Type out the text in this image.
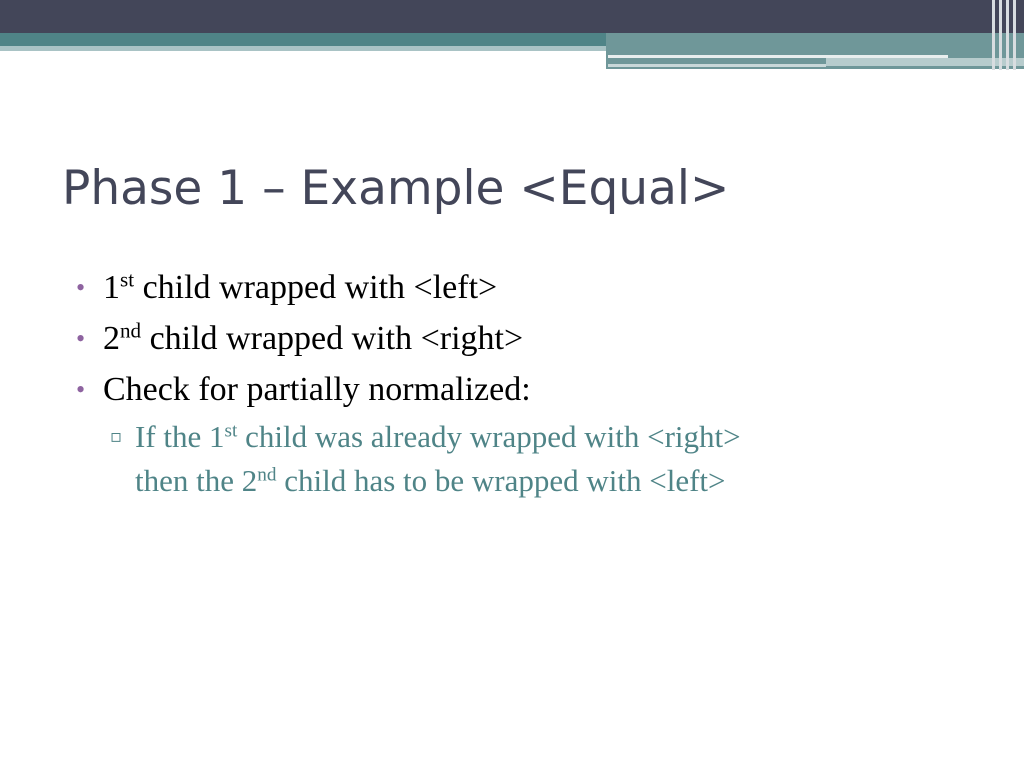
Phase 1 – Example <Equal>
• 1st child wrapped with <left>
• 2nd child wrapped with <right>
• Check for partially normalized:
▫ If the 1st child was already wrapped with <right>
then the 2nd child has to be wrapped with <left>
